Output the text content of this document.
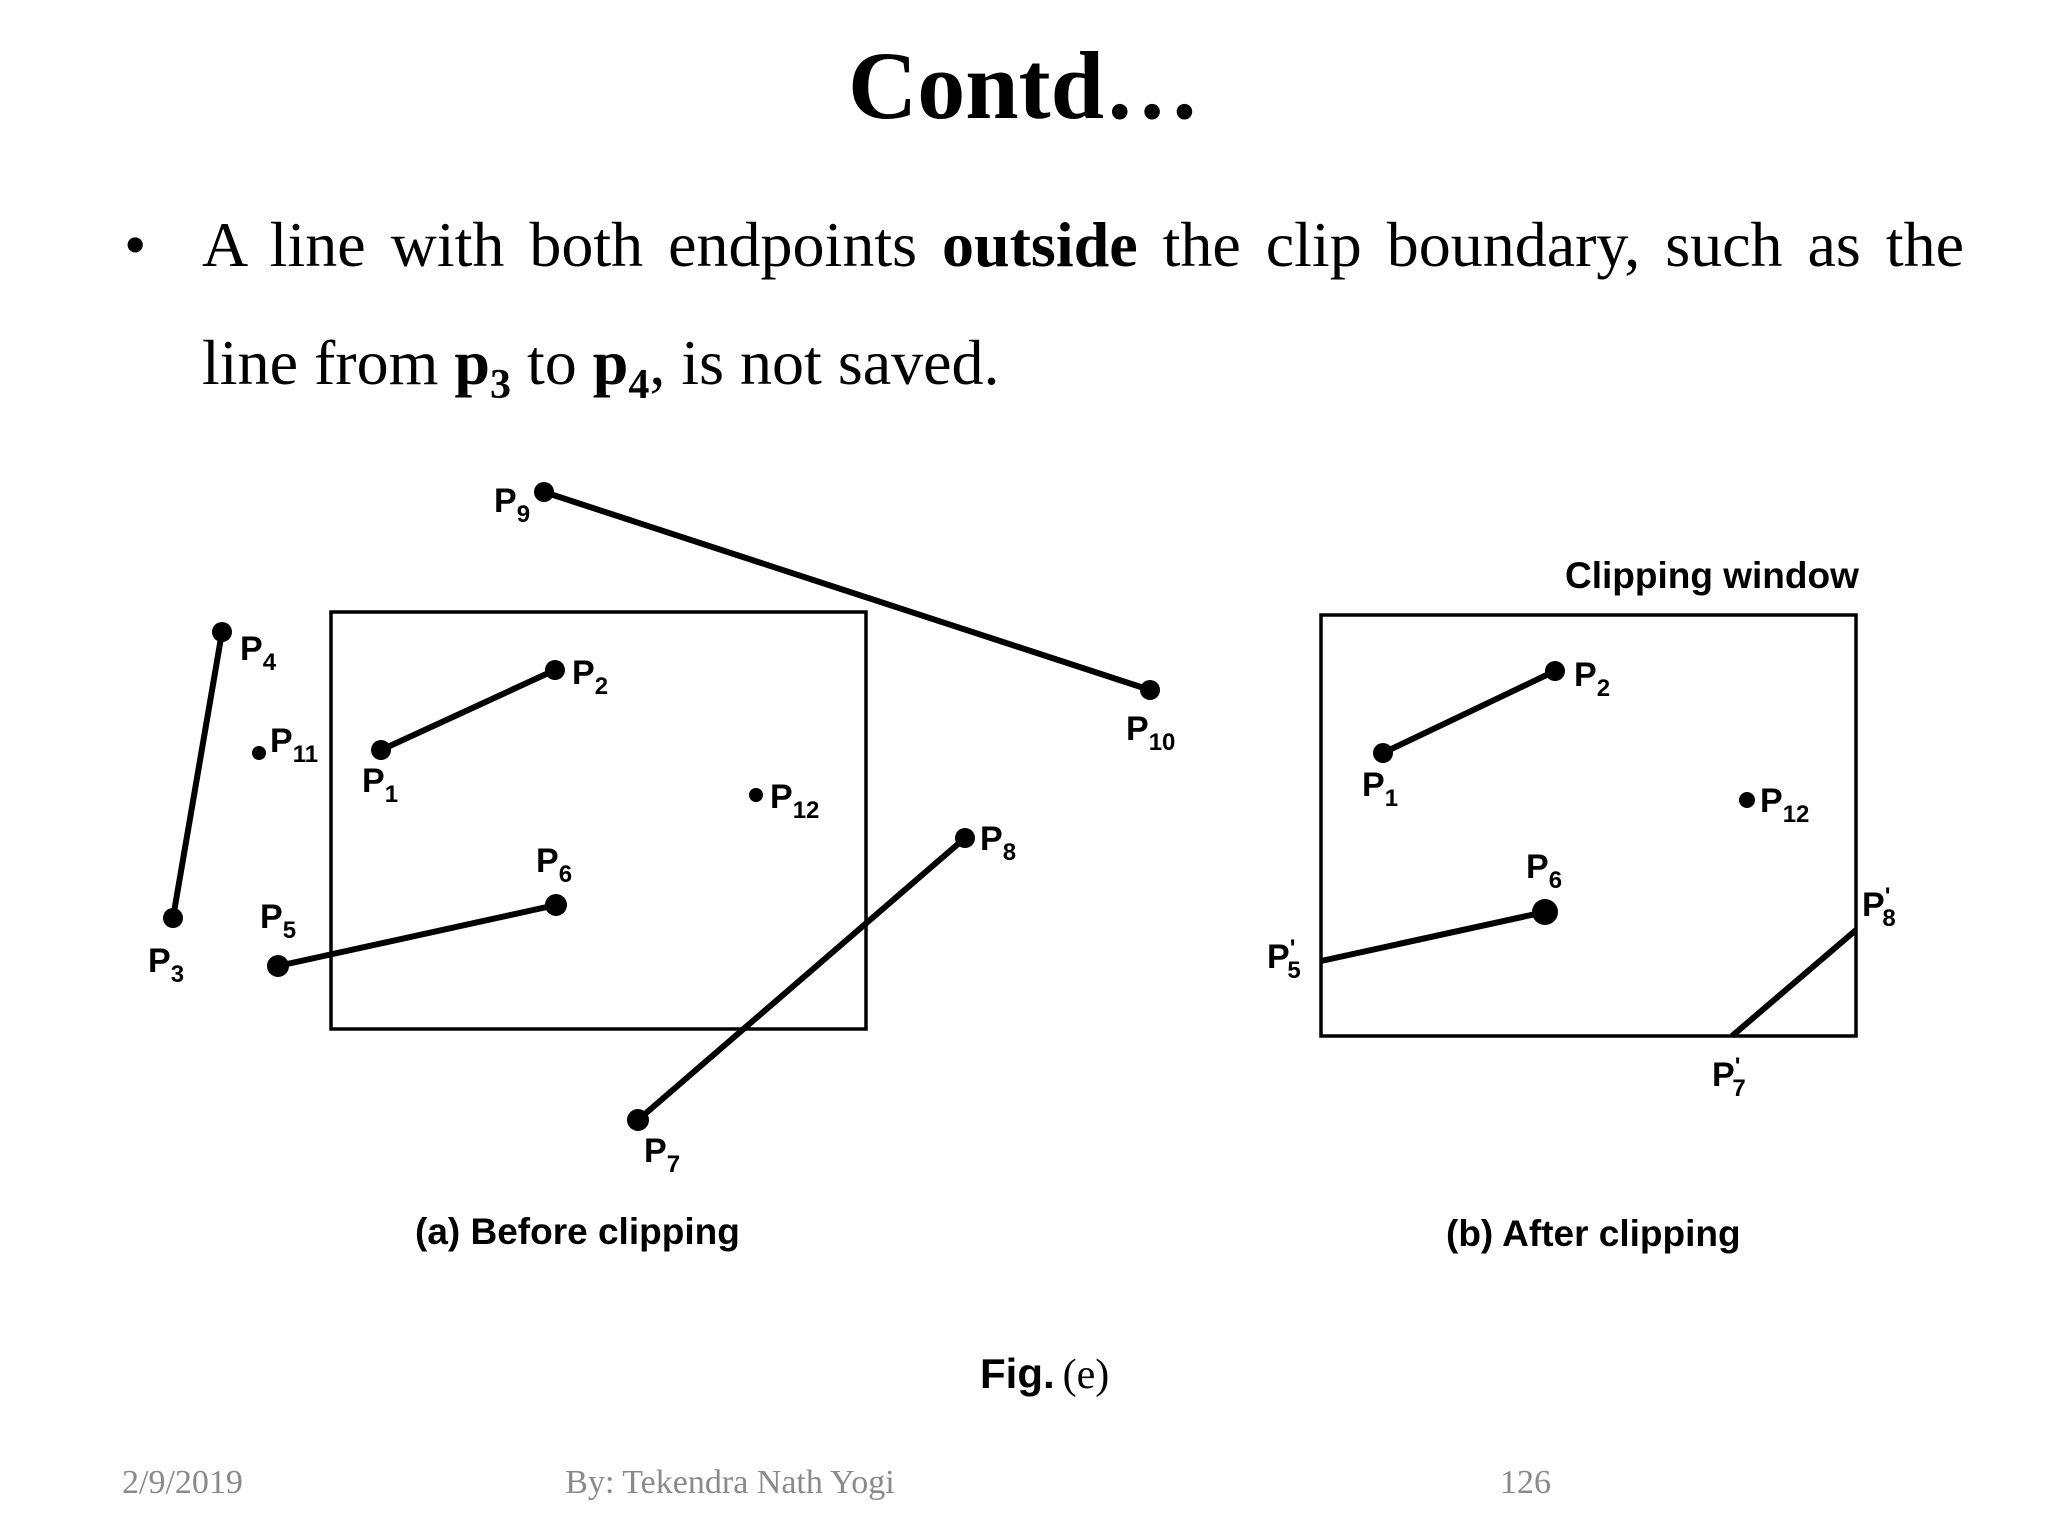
Contd…
• A line with both endpoints outside the clip boundary, such as the line from $p_3$ to $p_4$, is not saved.
$P_9$
$P_{10}$
$P_4$
$P_3$
$P_{11}$
$P_1$
$P_2$
$P_{12}$
$P_6$
$P_5$
$P_8$
$P_7$
(a) Before clipping
Clipping window
$P_1$
$P_2$
$P_{12}$
$P_6$
P' 5
P' 8
P' 7
(b) After clipping
Fig. (e)
2/9/2019	By: Tekendra Nath Yogi	126
